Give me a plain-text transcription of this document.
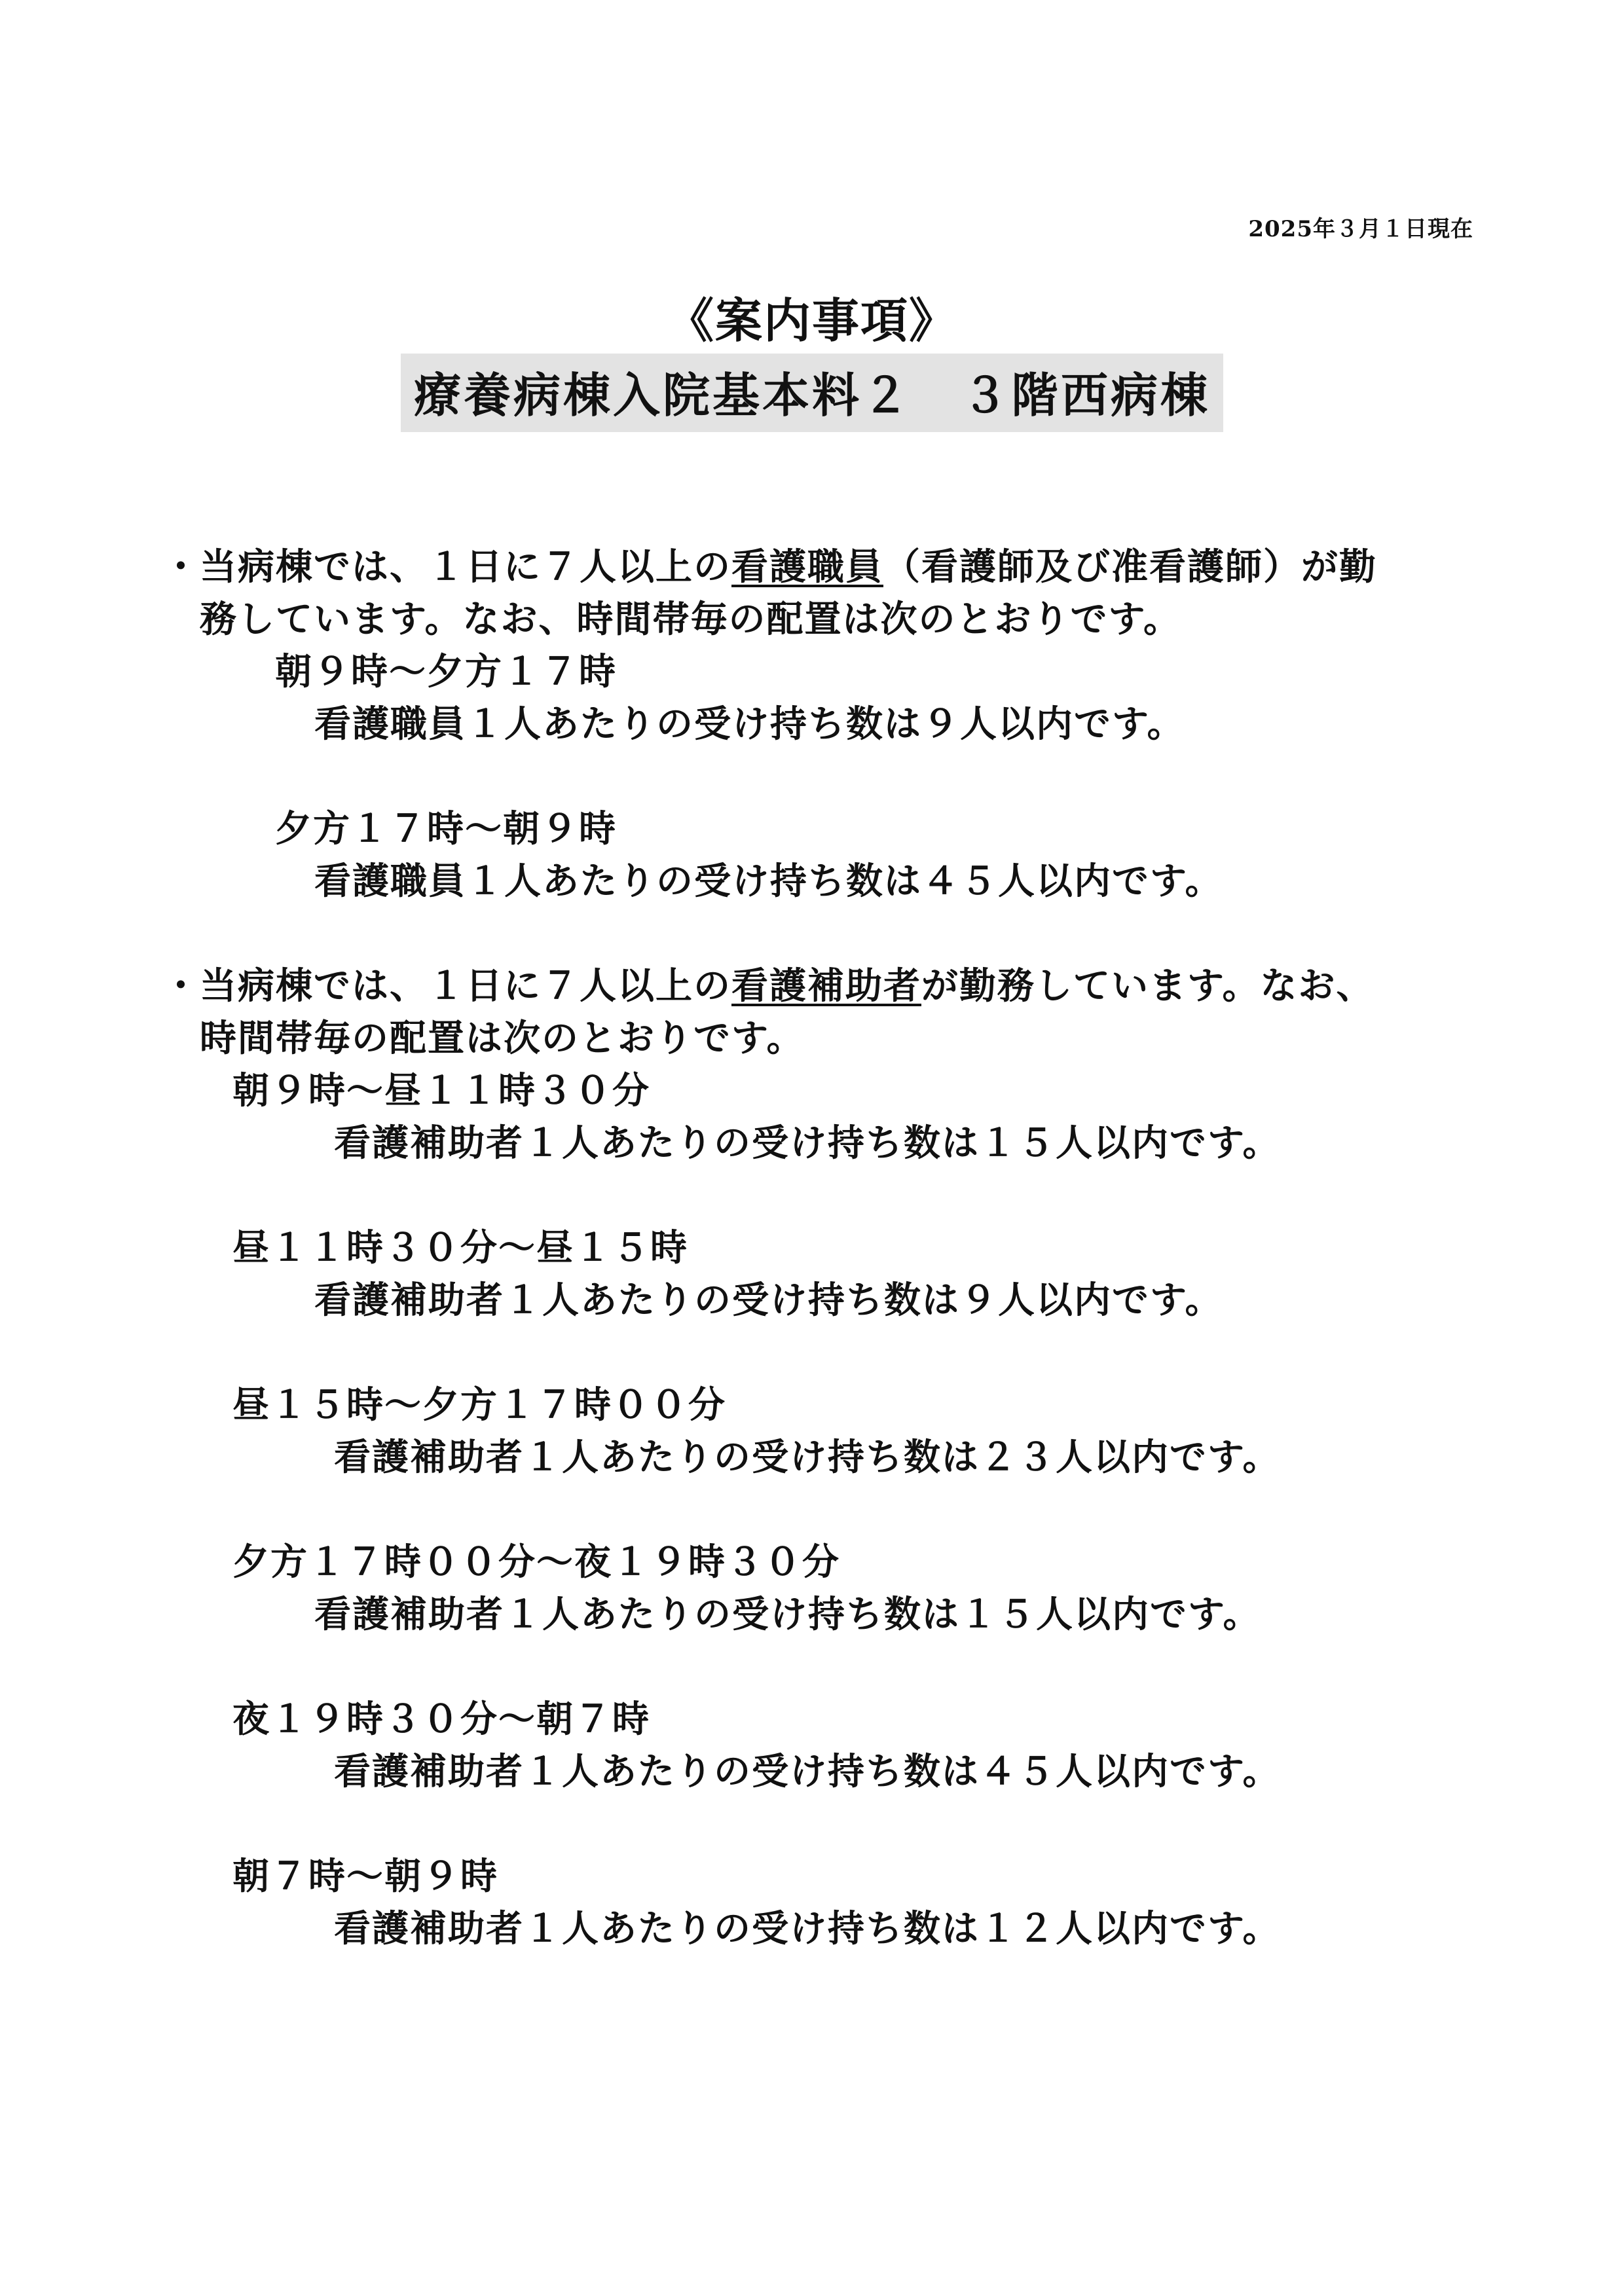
2025年３月１日現在
《案内事項》
療養病棟入院基本料２　３階西病棟
・ 当病棟では、１日に７人以上の看護職員（看護師及び准看護師）が勤
務しています。なお、時間帯毎の配置は次のとおりです。
朝９時～夕方１７時
看護職員１人あたりの受け持ち数は９人以内です。
夕方１７時～朝９時
看護職員１人あたりの受け持ち数は４５人以内です。
・ 当病棟では、１日に７人以上の看護補助者が勤務しています。なお、
時間帯毎の配置は次のとおりです。
朝９時～昼１１時３０分
看護補助者１人あたりの受け持ち数は１５人以内です。
昼１１時３０分～昼１５時
看護補助者１人あたりの受け持ち数は９人以内です。
昼１５時～夕方１７時００分
看護補助者１人あたりの受け持ち数は２３人以内です。
夕方１７時００分～夜１９時３０分
看護補助者１人あたりの受け持ち数は１５人以内です。
夜１９時３０分～朝７時
看護補助者１人あたりの受け持ち数は４５人以内です。
朝７時～朝９時
看護補助者１人あたりの受け持ち数は１２人以内です。
